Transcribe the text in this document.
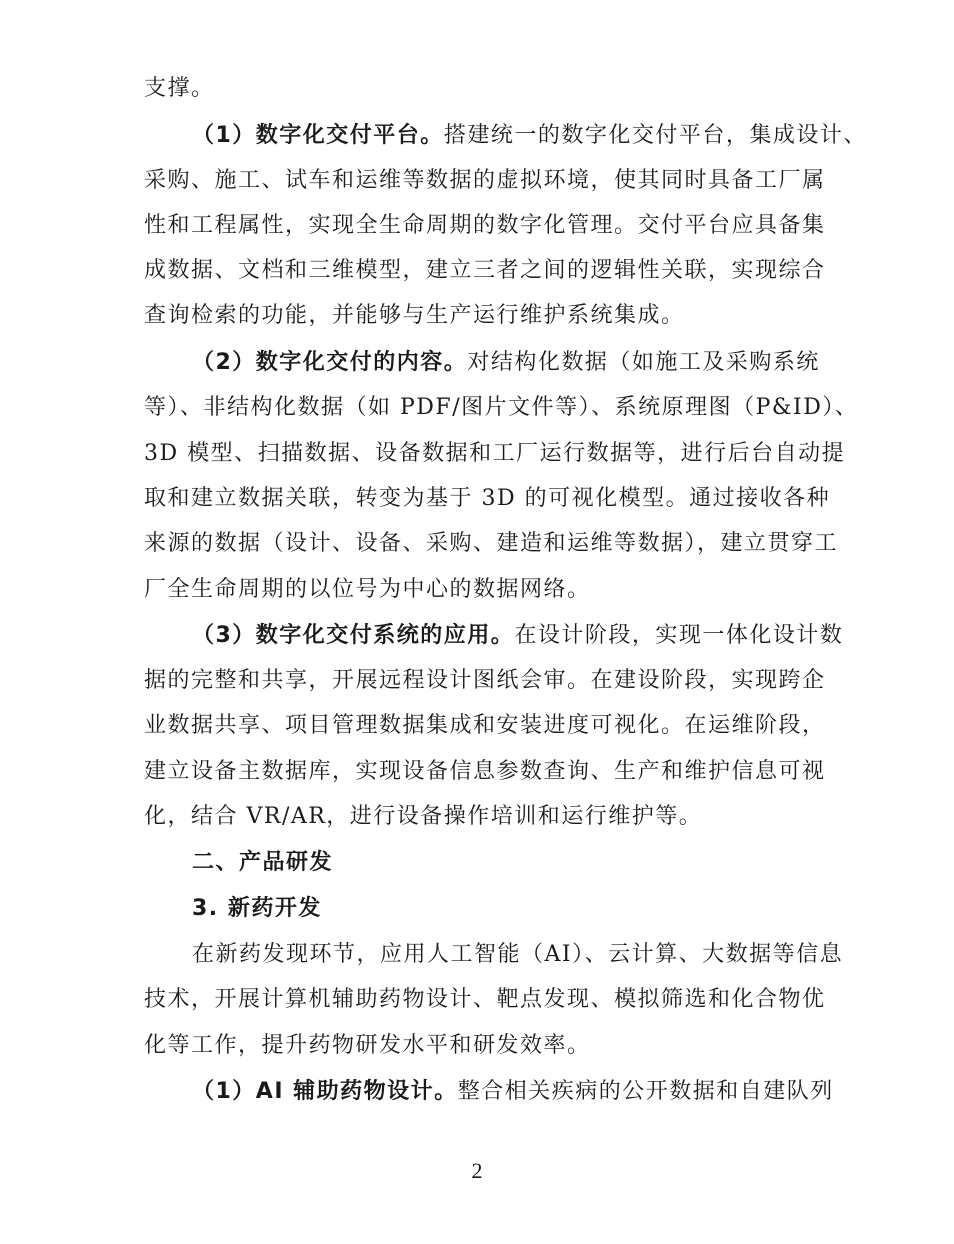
支撑。
（1）数字化交付平台。搭建统一的数字化交付平台，集成设计、
采购、施工、试车和运维等数据的虚拟环境，使其同时具备工厂属
性和工程属性，实现全生命周期的数字化管理。交付平台应具备集
成数据、文档和三维模型，建立三者之间的逻辑性关联，实现综合
查询检索的功能，并能够与生产运行维护系统集成。
（2）数字化交付的内容。对结构化数据（如施工及采购系统
等）、非结构化数据（如 PDF/图片文件等）、系统原理图（P&ID）、
3D 模型、扫描数据、设备数据和工厂运行数据等，进行后台自动提
取和建立数据关联，转变为基于 3D 的可视化模型。通过接收各种
来源的数据（设计、设备、采购、建造和运维等数据），建立贯穿工
厂全生命周期的以位号为中心的数据网络。
（3）数字化交付系统的应用。在设计阶段，实现一体化设计数
据的完整和共享，开展远程设计图纸会审。在建设阶段，实现跨企
业数据共享、项目管理数据集成和安装进度可视化。在运维阶段，
建立设备主数据库，实现设备信息参数查询、生产和维护信息可视
化，结合 VR/AR，进行设备操作培训和运行维护等。
二、产品研发
3. 新药开发
在新药发现环节，应用人工智能（AI）、云计算、大数据等信息
技术，开展计算机辅助药物设计、靶点发现、模拟筛选和化合物优
化等工作，提升药物研发水平和研发效率。
（1）AI 辅助药物设计。整合相关疾病的公开数据和自建队列
2
